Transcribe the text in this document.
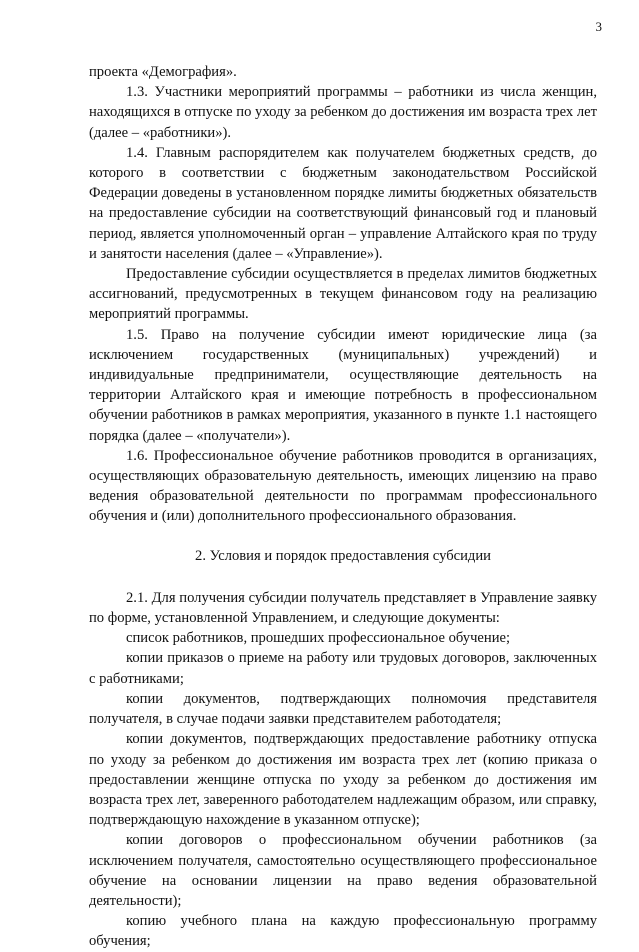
3

проекта «Демография».

1.3. Участники мероприятий программы – работники из числа женщин, находящихся в отпуске по уходу за ребенком до достижения им возраста трех лет (далее – «работники»).

1.4. Главным распорядителем как получателем бюджетных средств, до которого в соответствии с бюджетным законодательством Российской Федерации доведены в установленном порядке лимиты бюджетных обязательств на предоставление субсидии на соответствующий финансовый год и плановый период, является уполномоченный орган – управление Алтайского края по труду и занятости населения (далее – «Управление»).

Предоставление субсидии осуществляется в пределах лимитов бюджетных ассигнований, предусмотренных в текущем финансовом году на реализацию мероприятий программы.

1.5. Право на получение субсидии имеют юридические лица (за исключением государственных (муниципальных) учреждений) и индивидуальные предприниматели, осуществляющие деятельность на территории Алтайского края и имеющие потребность в профессиональном обучении работников в рамках мероприятия, указанного в пункте 1.1 настоящего порядка (далее – «получатели»).

1.6. Профессиональное обучение работников проводится в организациях, осуществляющих образовательную деятельность, имеющих лицензию на право ведения образовательной деятельности по программам профессионального обучения и (или) дополнительного профессионального образования.

2. Условия и порядок предоставления субсидии

2.1. Для получения субсидии получатель представляет в Управление заявку по форме, установленной Управлением, и следующие документы:

список работников, прошедших профессиональное обучение;

копии приказов о приеме на работу или трудовых договоров, заключенных с работниками;

копии документов, подтверждающих полномочия представителя получателя, в случае подачи заявки представителем работодателя;

копии документов, подтверждающих предоставление работнику отпуска по уходу за ребенком до достижения им возраста трех лет (копию приказа о предоставлении женщине отпуска по уходу за ребенком до достижения им возраста трех лет, заверенного работодателем надлежащим образом, или справку, подтверждающую нахождение в указанном отпуске);

копии договоров о профессиональном обучении работников (за исключением получателя, самостоятельно осуществляющего профессиональное обучение на основании лицензии на право ведения образовательной деятельности);

копию учебного плана на каждую профессиональную программу обучения;
